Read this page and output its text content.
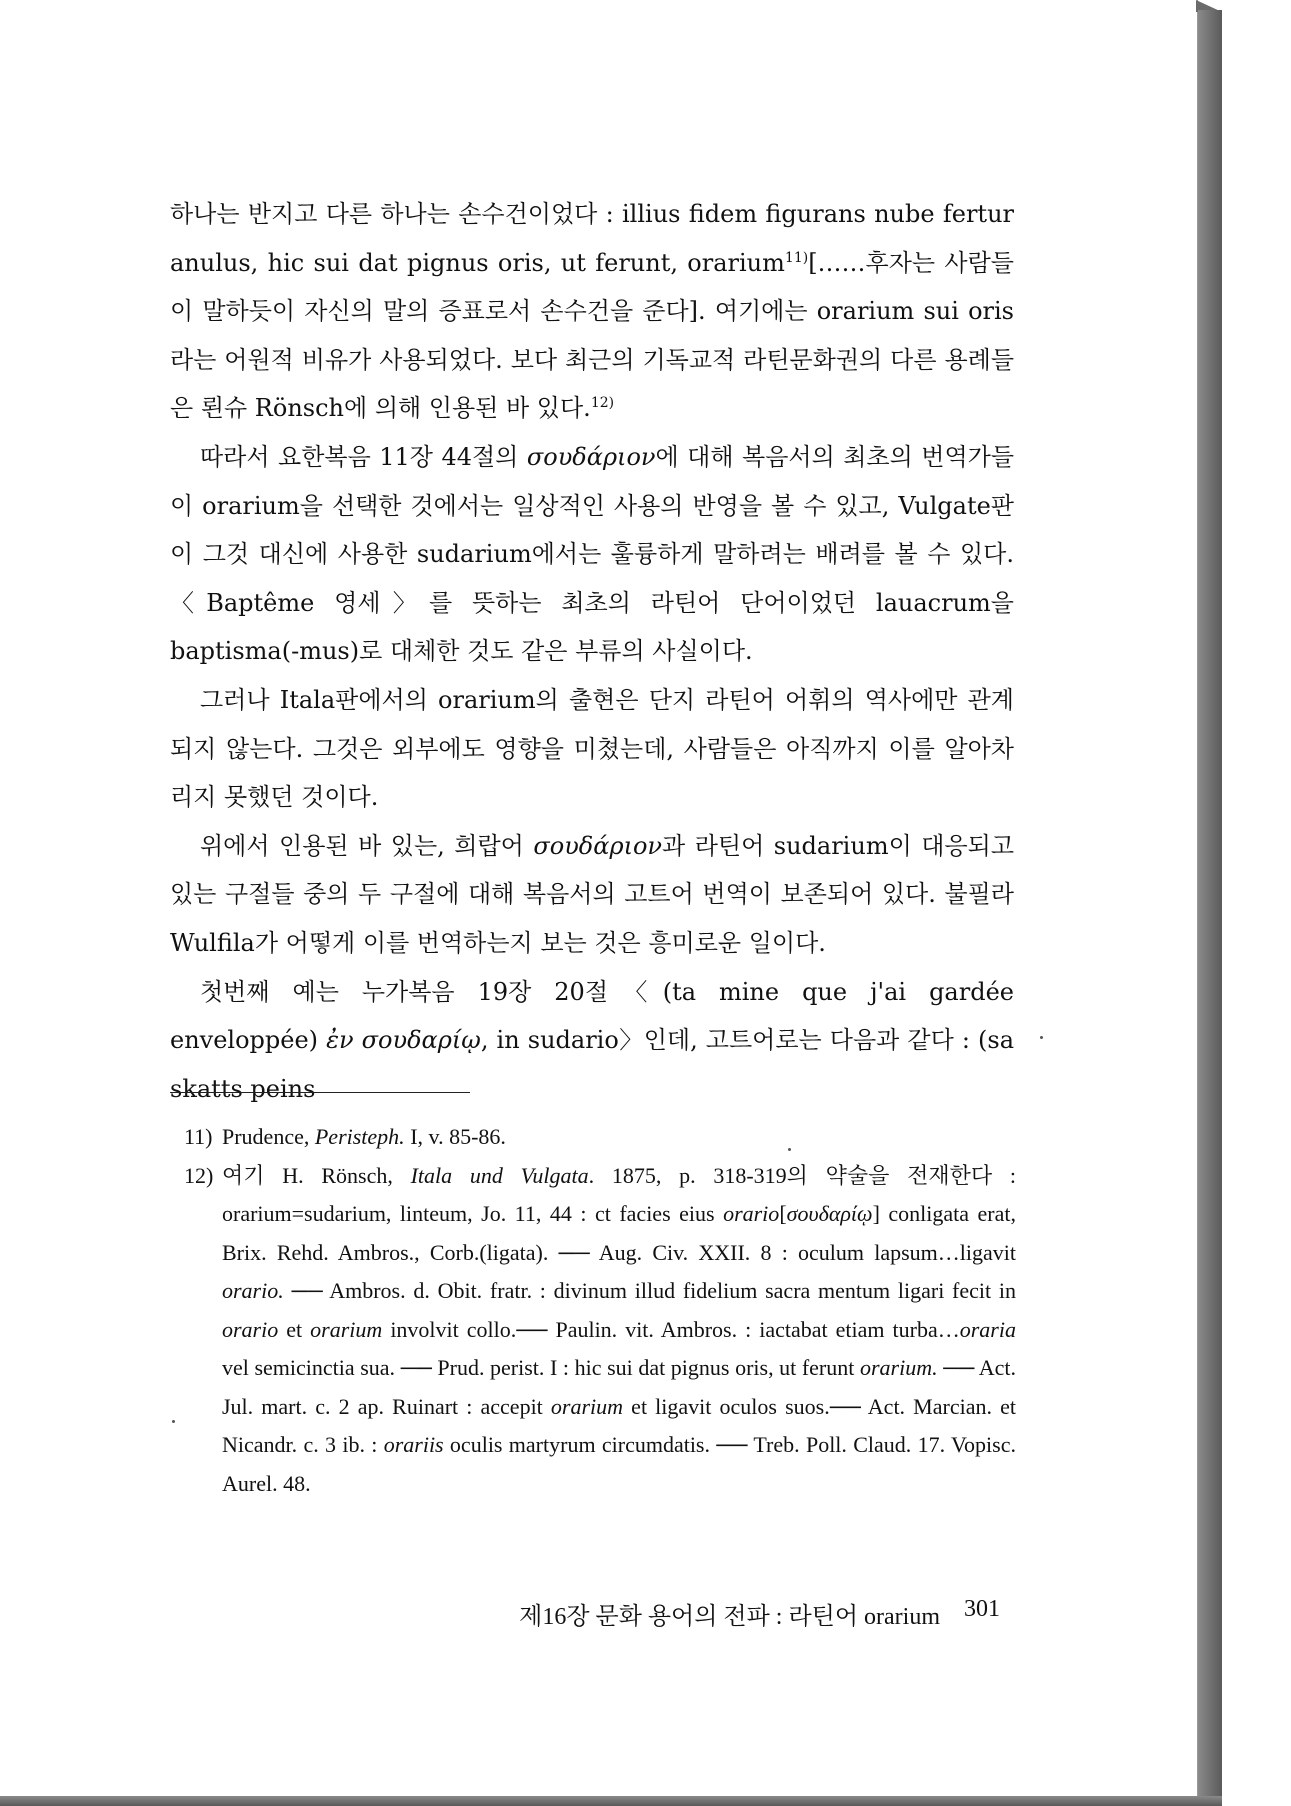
하나는 반지고 다른 하나는 손수건이었다 : illius fidem figurans nube fertur anulus, hic sui dat pignus oris, ut ferunt, orarium$^{11)}$[……후자는 사람들이 말하듯이 자신의 말의 증표로서 손수건을 준다]. 여기에는 orarium sui oris라는 어원적 비유가 사용되었다. 보다 최근의 기독교적 라틴문화권의 다른 용례들은 뢴슈 Rönsch에 의해 인용된 바 있다.$^{12)}$

따라서 요한복음 11장 44절의 σουδάριον에 대해 복음서의 최초의 번역가들이 orarium을 선택한 것에서는 일상적인 사용의 반영을 볼 수 있고, Vulgate판이 그것 대신에 사용한 sudarium에서는 훌륭하게 말하려는 배려를 볼 수 있다. 〈Baptême 영세〉를 뜻하는 최초의 라틴어 단어이었던 lauacrum을 baptisma(-mus)로 대체한 것도 같은 부류의 사실이다.

그러나 Itala판에서의 orarium의 출현은 단지 라틴어 어휘의 역사에만 관계되지 않는다. 그것은 외부에도 영향을 미쳤는데, 사람들은 아직까지 이를 알아차리지 못했던 것이다.

위에서 인용된 바 있는, 희랍어 σουδάριον과 라틴어 sudarium이 대응되고 있는 구절들 중의 두 구절에 대해 복음서의 고트어 번역이 보존되어 있다. 불필라 Wulfila가 어떻게 이를 번역하는지 보는 것은 흥미로운 일이다.

첫번째 예는 누가복음 19장 20절〈(ta mine que j'ai gardée enveloppée) ἐν σουδαρίῳ, in sudario〉인데, 고트어로는 다음과 같다 : (sa skatts peins

11) Prudence, Peristeph. I, v. 85-86.

12) 여기 H. Rönsch, Itala und Vulgata. 1875, p. 318-319의 약술을 전재한다 : orarium=sudarium, linteum, Jo. 11, 44 : ct facies eius orario[σουδαρίῳ] conligata erat, Brix. Rehd. Ambros., Corb.(ligata). ── Aug. Civ. XXII. 8 : oculum lapsum…ligavit orario. ── Ambros. d. Obit. fratr. : divinum illud fidelium sacra mentum ligari fecit in orario et orarium involvit collo.── Paulin. vit. Ambros. : iactabat etiam turba…oraria vel semicinctia sua. ── Prud. perist. I : hic sui dat pignus oris, ut ferunt orarium. ── Act. Jul. mart. c. 2 ap. Ruinart : accepit orarium et ligavit oculos suos.── Act. Marcian. et Nicandr. c. 3 ib. : orariis oculis martyrum circumdatis. ── Treb. Poll. Claud. 17. Vopisc. Aurel. 48.

제16장 문화 용어의 전파 : 라틴어 orarium 301
